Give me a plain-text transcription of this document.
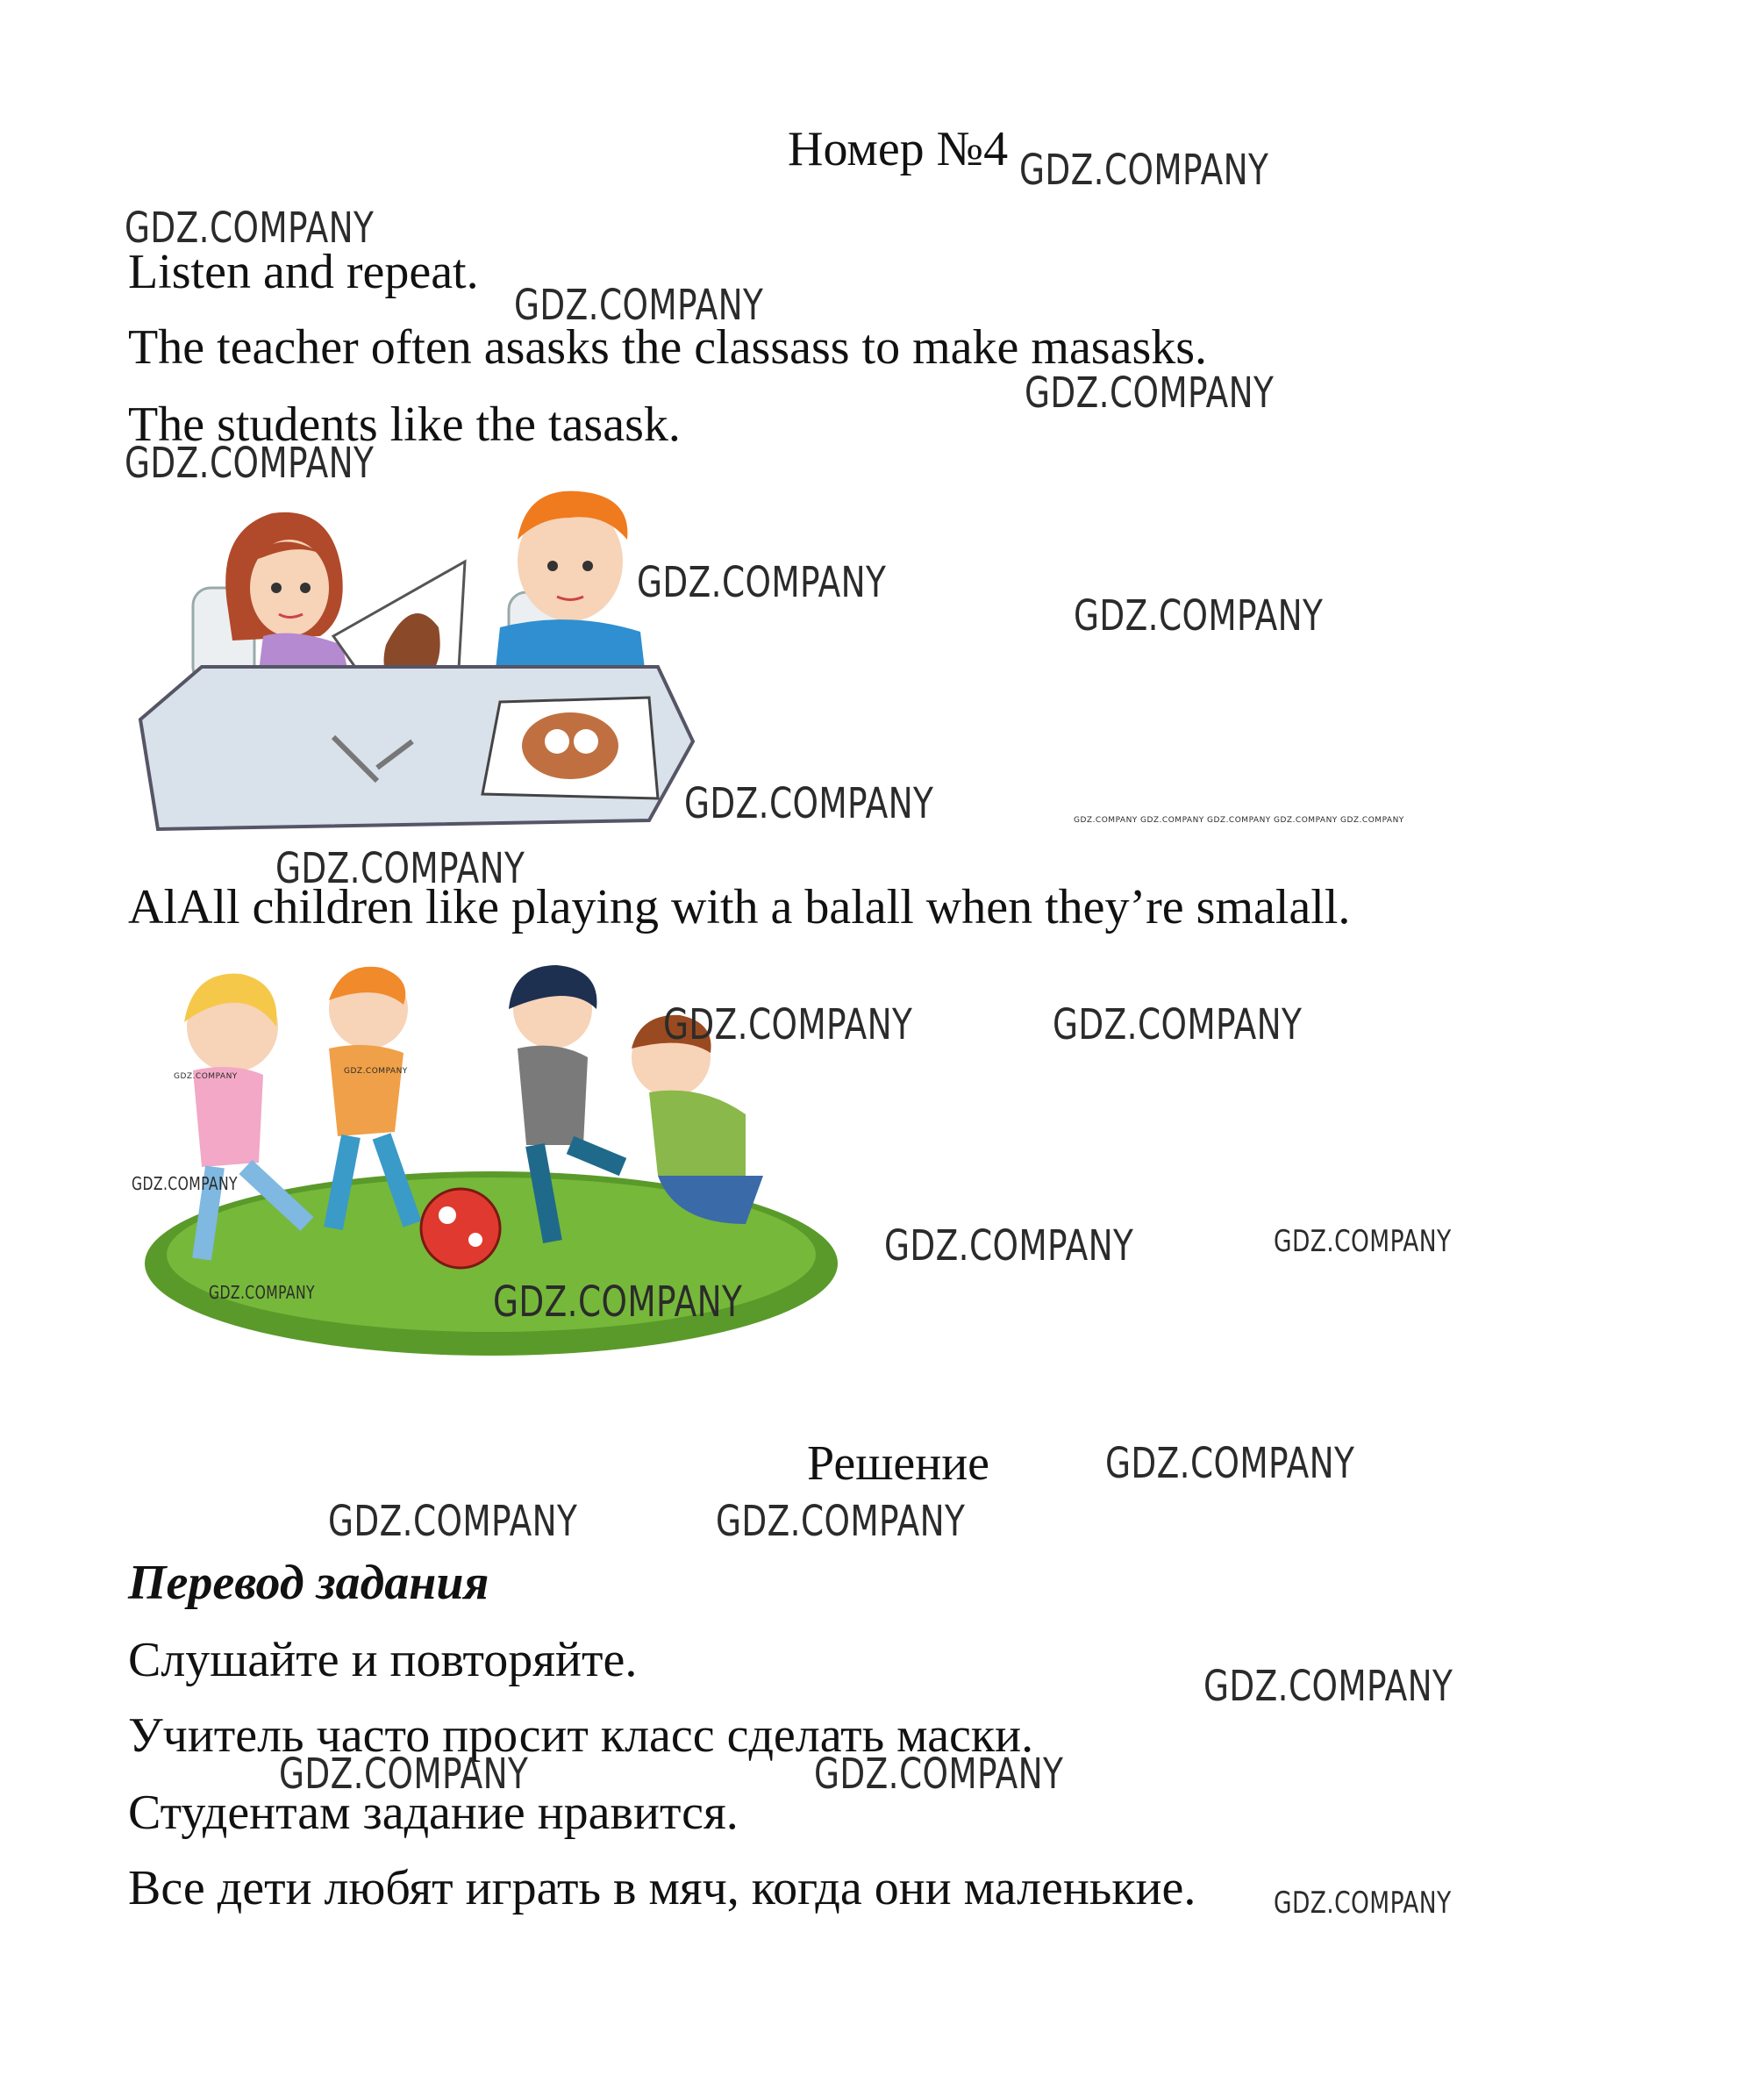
Номер №4
Listen and repeat.
The teacher often asasks the classass to make masasks.
The students like the tasask.
AlAll children like playing with a balall when they’re smalall.
Решение
Перевод задания
Слушайте и повторяйте.
Учитель часто просит класс сделать маски.
Студентам задание нравится.
Все дети любят играть в мяч, когда они маленькие.
GDZ.COMPANY
GDZ.COMPANY
GDZ.COMPANY
GDZ.COMPANY
GDZ.COMPANY
GDZ.COMPANY
GDZ.COMPANY
GDZ.COMPANY
GDZ.COMPANY
GDZ.COMPANY	GDZ.COMPANY
GDZ.COMPANY
GDZ.COMPANY
GDZ.COMPANY
GDZ.COMPANY	GDZ.COMPANY
GDZ.COMPANY
GDZ.COMPANY	GDZ.COMPANY
GDZ.COMPANY
GDZ.COMPANY
GDZ.COMPANY
GDZ.COMPANY
GDZ.COMPANY
GDZ.COMPANY
GDZ.COMPANY GDZ.COMPANY GDZ.COMPANY GDZ.COMPANY GDZ.COMPANY
